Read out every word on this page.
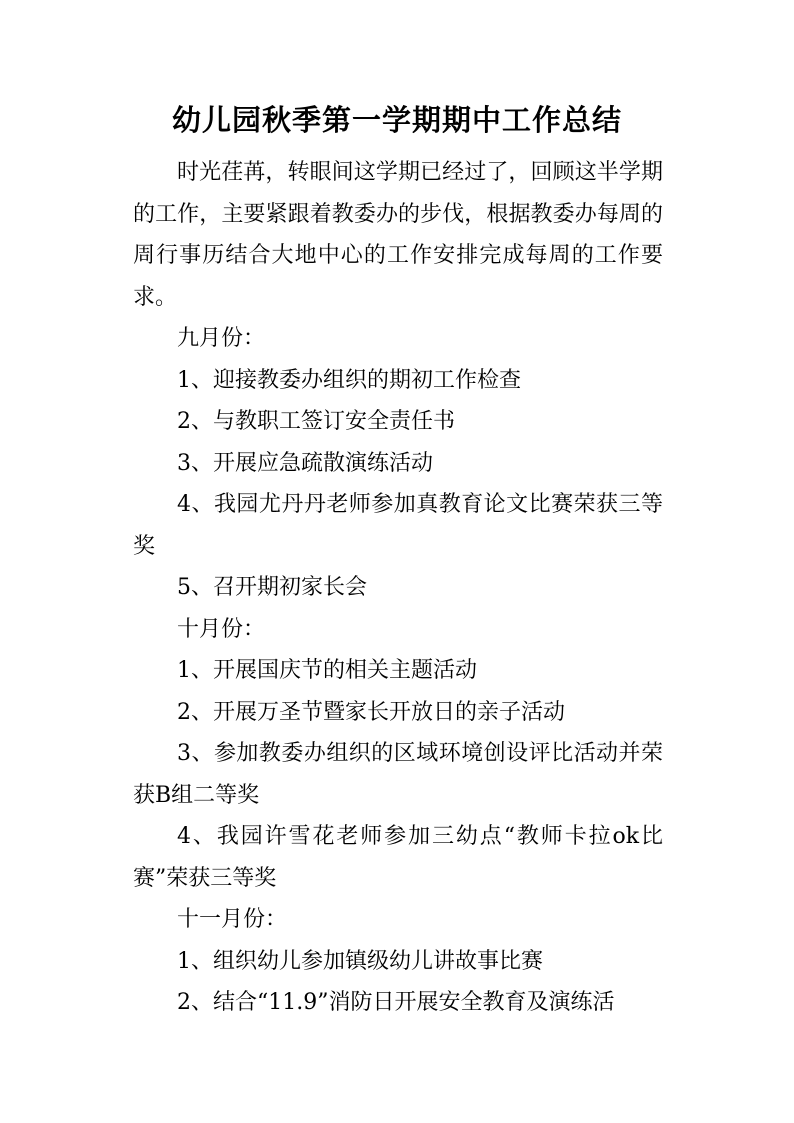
幼儿园秋季第一学期期中工作总结

时光荏苒，转眼间这学期已经过了，回顾这半学期的工作，主要紧跟着教委办的步伐，根据教委办每周的周行事历结合大地中心的工作安排完成每周的工作要求。

九月份：

1、迎接教委办组织的期初工作检查

2、与教职工签订安全责任书

3、开展应急疏散演练活动

4、我园尤丹丹老师参加真教育论文比赛荣获三等奖

5、召开期初家长会

十月份：

1、开展国庆节的相关主题活动

2、开展万圣节暨家长开放日的亲子活动

3、参加教委办组织的区域环境创设评比活动并荣获B组二等奖

4、我园许雪花老师参加三幼点“教师卡拉ok比赛”荣获三等奖

十一月份：

1、组织幼儿参加镇级幼儿讲故事比赛

2、结合“11.9”消防日开展安全教育及演练活
